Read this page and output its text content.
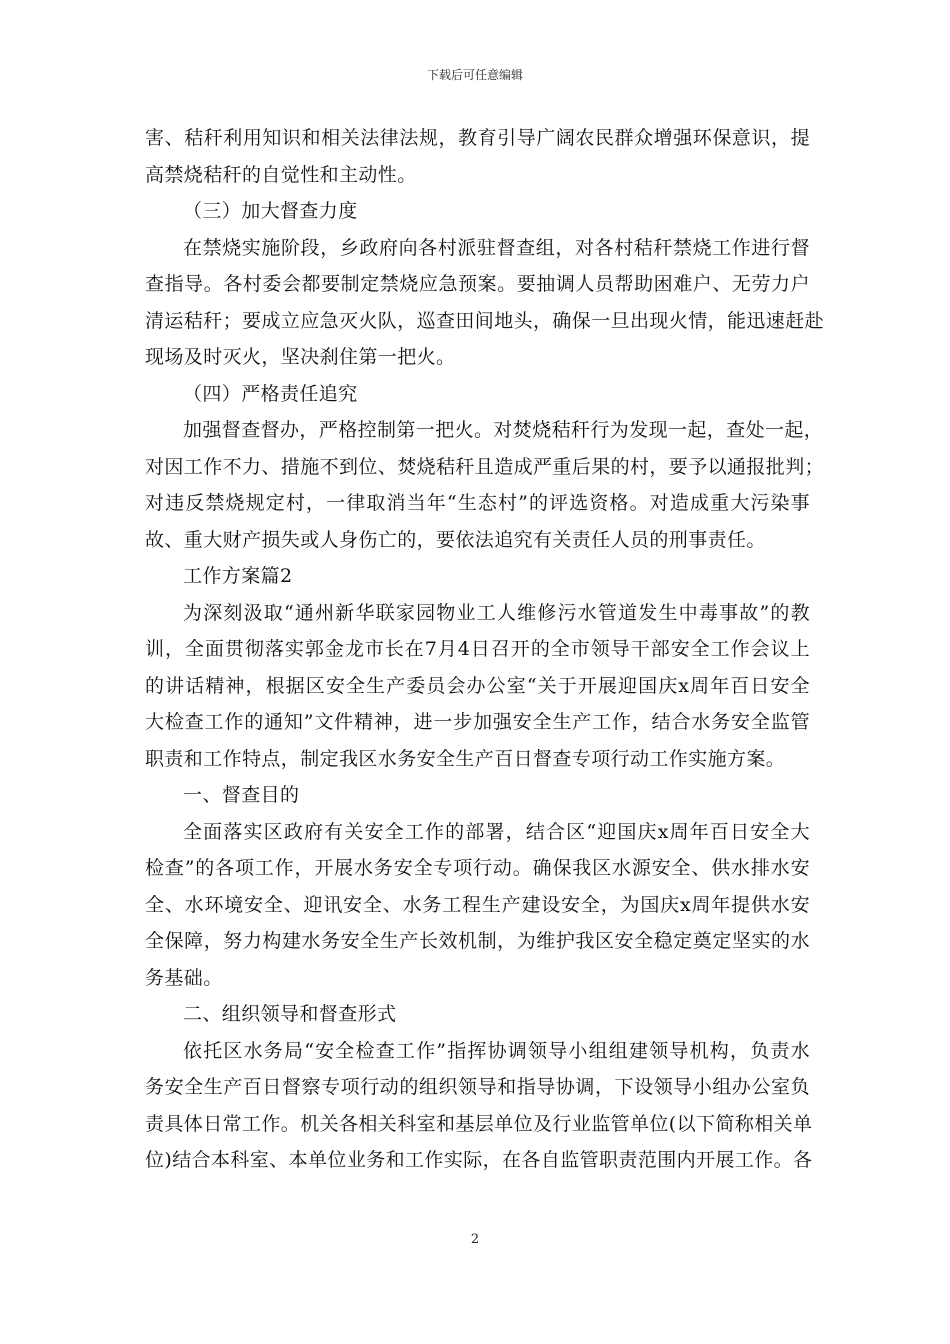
下载后可任意编辑
害、秸秆利用知识和相关法律法规，教育引导广阔农民群众增强环保意识，提
高禁烧秸秆的自觉性和主动性。
（三）加大督查力度
在禁烧实施阶段，乡政府向各村派驻督查组，对各村秸秆禁烧工作进行督
查指导。各村委会都要制定禁烧应急预案。要抽调人员帮助困难户、无劳力户
清运秸秆；要成立应急灭火队，巡查田间地头，确保一旦出现火情，能迅速赶赴
现场及时灭火，坚决刹住第一把火。
（四）严格责任追究
加强督查督办，严格控制第一把火。对焚烧秸秆行为发现一起，查处一起，
对因工作不力、措施不到位、焚烧秸秆且造成严重后果的村，要予以通报批判；
对违反禁烧规定村，一律取消当年“生态村”的评选资格。对造成重大污染事
故、重大财产损失或人身伤亡的，要依法追究有关责任人员的刑事责任。
工作方案篇2
为深刻汲取“通州新华联家园物业工人维修污水管道发生中毒事故”的教
训，全面贯彻落实郭金龙市长在7月4日召开的全市领导干部安全工作会议上
的讲话精神，根据区安全生产委员会办公室“关于开展迎国庆x周年百日安全
大检查工作的通知”文件精神，进一步加强安全生产工作，结合水务安全监管
职责和工作特点，制定我区水务安全生产百日督查专项行动工作实施方案。
一、督查目的
全面落实区政府有关安全工作的部署，结合区“迎国庆x周年百日安全大
检查”的各项工作，开展水务安全专项行动。确保我区水源安全、供水排水安
全、水环境安全、迎讯安全、水务工程生产建设安全，为国庆x周年提供水安
全保障，努力构建水务安全生产长效机制，为维护我区安全稳定奠定坚实的水
务基础。
二、组织领导和督查形式
依托区水务局“安全检查工作”指挥协调领导小组组建领导机构，负责水
务安全生产百日督察专项行动的组织领导和指导协调，下设领导小组办公室负
责具体日常工作。机关各相关科室和基层单位及行业监管单位(以下简称相关单
位)结合本科室、本单位业务和工作实际，在各自监管职责范围内开展工作。各
2
